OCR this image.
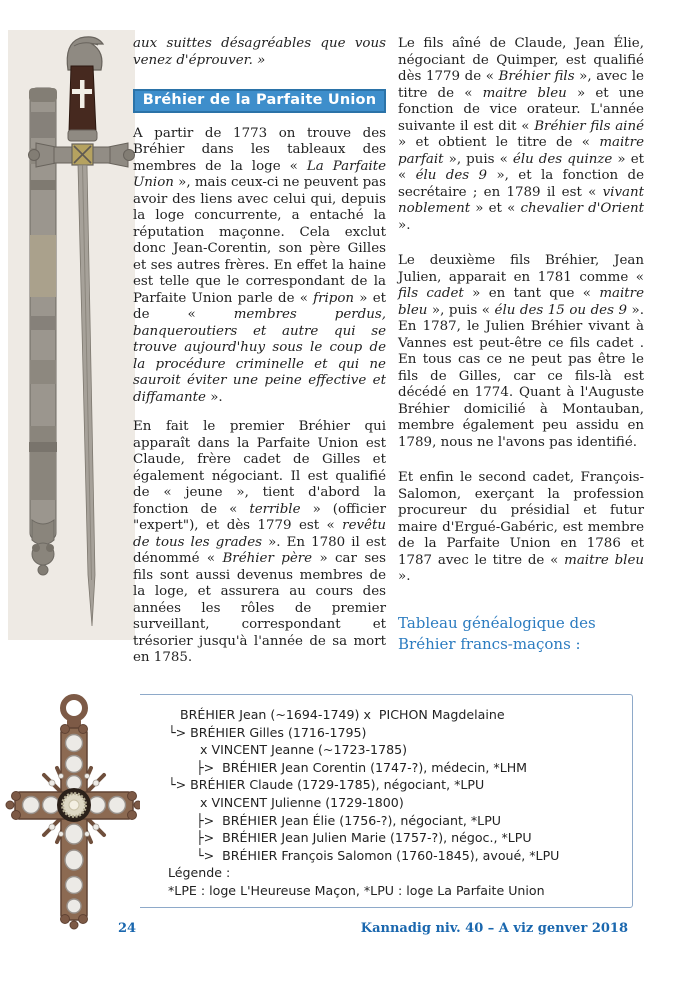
aux suittes désagréables que vous venez d'éprouver. »

Bréhier de la Parfaite Union

A partir de 1773 on trouve des Bréhier dans les tableaux des membres de la loge « La Parfaite Union », mais ceux-ci ne peuvent pas avoir des liens avec celui qui, depuis la loge concurrente, a entaché la réputation maçonne. Cela exclut donc Jean-Corentin, son père Gilles et ses autres frères. En effet la haine est telle que le correspondant de la Parfaite Union parle de « fripon » et de « membres perdus, banqueroutiers et autre qui se trouve aujourd'huy sous le coup de la procédure criminelle et qui ne sauroit éviter une peine effective et diffamante ».

En fait le premier Bréhier qui apparaît dans la Parfaite Union est Claude, frère cadet de Gilles et également négociant. Il est qualifié de « jeune », tient d'abord la fonction de « terrible » (officier "expert"), et dès 1779 est « revêtu de tous les grades ». En 1780 il est dénommé « Bréhier père » car ses fils sont aussi devenus membres de la loge, et assurera au cours des années les rôles de premier surveillant, correspondant et trésorier jusqu'à l'année de sa mort en 1785.

Le fils aîné de Claude, Jean Élie, négociant de Quimper, est qualifié dès 1779 de « Bréhier fils », avec le titre de « maitre bleu » et une fonction de vice orateur. L'année suivante il est dit « Bréhier fils ainé » et obtient le titre de « maitre parfait », puis « élu des quinze » et « élu des 9 », et la fonction de secrétaire ; en 1789 il est « vivant noblement » et « chevalier d'Orient ».

Le deuxième fils Bréhier, Jean Julien, apparait en 1781 comme « fils cadet » en tant que « maitre bleu », puis « élu des 15 ou des 9 ». En 1787, le Julien Bréhier vivant à Vannes est peut-être ce fils cadet . En tous cas ce ne peut pas être le fils de Gilles, car ce fils-là est décédé en 1774. Quant à l'Auguste Bréhier domicilié à Montauban, membre également peu assidu en 1789, nous ne l'avons pas identifié.

Et enfin le second cadet, François-Salomon, exerçant la profession procureur du présidial et futur maire d'Ergué-Gabéric, est membre de la Parfaite Union en 1786 et 1787 avec le titre de « maitre bleu ».

Tableau généalogique des Bréhier francs-maçons :

BRÉHIER Jean (~1694-1749) x  PICHON Magdelaine
└> BRÉHIER Gilles (1716-1795)
x VINCENT Jeanne (~1723-1785)
├>  BRÉHIER Jean Corentin (1747-?), médecin, *LHM
└> BRÉHIER Claude (1729-1785), négociant, *LPU
x VINCENT Julienne (1729-1800)
├>  BRÉHIER Jean Élie (1756-?), négociant, *LPU
├>  BRÉHIER Jean Julien Marie (1757-?), négoc., *LPU
└>  BRÉHIER François Salomon (1760-1845), avoué, *LPU
Légende :
*LPE : loge L'Heureuse Maçon, *LPU : loge La Parfaite Union
24	Kannadig niv. 40 – A viz genver 2018
